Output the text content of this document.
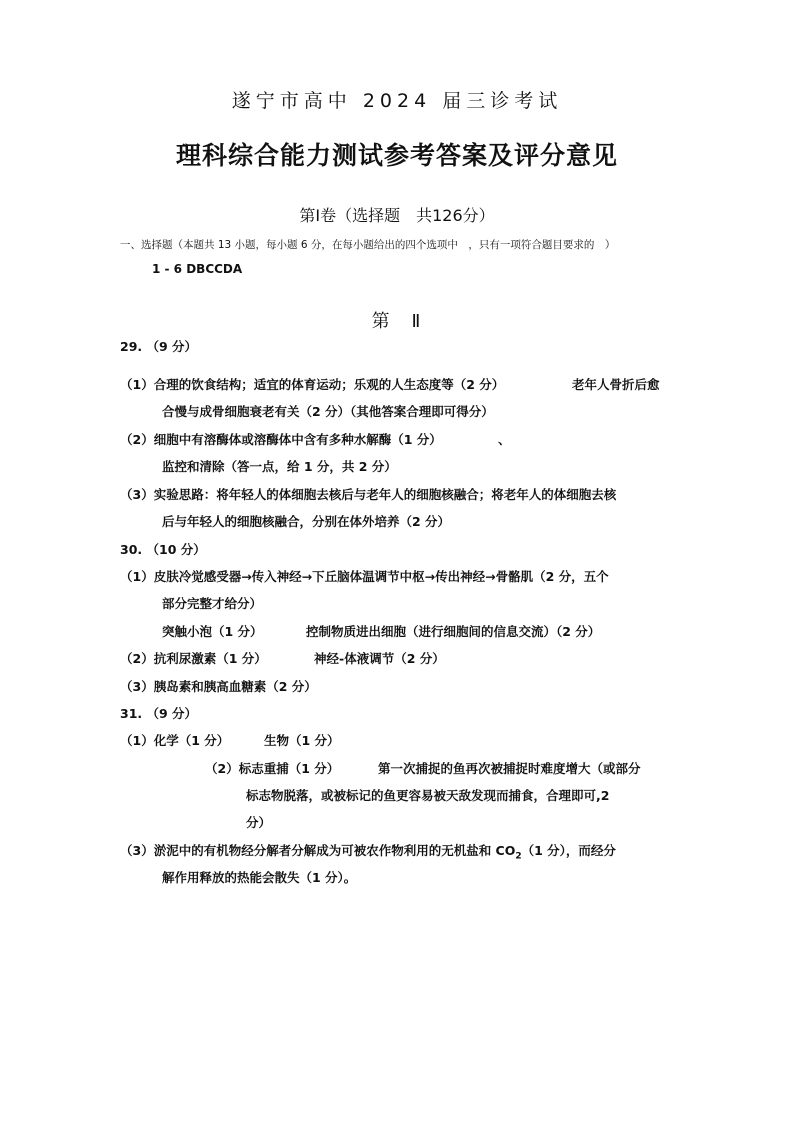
遂宁市高中 2024 届三诊考试
理科综合能力测试参考答案及评分意见
第Ⅰ卷（选择题　共126分）
一、选择题（本题共 13 小题，每小题 6 分，在每小题给出的四个选项中　，只有一项符合题目要求的　）
1 - 6 DBCCDA
第　Ⅱ
29. （9 分）
（1）合理的饮食结构；适宜的体育运动；乐观的人生态度等（2 分）	老年人骨折后愈
合慢与成骨细胞衰老有关（2 分）（其他答案合理即可得分）
（2）细胞中有溶酶体或溶酶体中含有多种水解酶（1 分）	、
监控和清除（答一点，给 1 分，共 2 分）
（3）实验思路：将年轻人的体细胞去核后与老年人的细胞核融合；将老年人的体细胞去核
后与年轻人的细胞核融合，分别在体外培养（2 分）
30. （10 分）
（1）皮肤冷觉感受器→传入神经→下丘脑体温调节中枢→传出神经→骨骼肌（2 分，五个
部分完整才给分）
突触小泡（1 分）	控制物质进出细胞（进行细胞间的信息交流）（2 分）
（2）抗利尿激素（1 分）	神经-体液调节（2 分）
（3）胰岛素和胰高血糖素（2 分）
31. （9 分）
（1）化学（1 分）	生物（1 分）
（2）标志重捕（1 分）	第一次捕捉的鱼再次被捕捉时难度增大（或部分
标志物脱落，或被标记的鱼更容易被天敌发现而捕食，合理即可,2
分）
（3）淤泥中的有机物经分解者分解成为可被农作物利用的无机盐和 $CO_2(1$ 分），而经分
解作用释放的热能会散失（1 分）。
